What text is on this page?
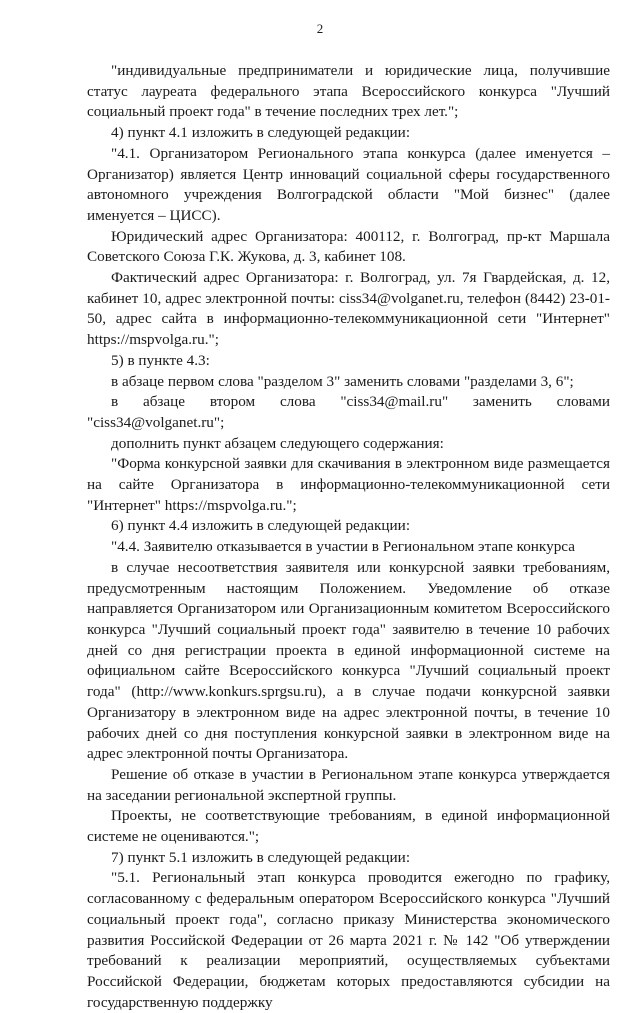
2

"индивидуальные предприниматели и юридические лица, получившие статус лауреата федерального этапа Всероссийского конкурса "Лучший социальный проект года" в течение последних трех лет.";

4) пункт 4.1 изложить в следующей редакции:

"4.1. Организатором Регионального этапа конкурса (далее именуется – Организатор) является Центр инноваций социальной сферы государственного автономного учреждения Волгоградской области "Мой бизнес" (далее именуется – ЦИСС).

Юридический адрес Организатора: 400112, г. Волгоград, пр-кт Маршала Советского Союза Г.К. Жукова, д. 3, кабинет 108.

Фактический адрес Организатора: г. Волгоград, ул. 7я Гвардейская, д. 12, кабинет 10, адрес электронной почты: ciss34@volganet.ru, телефон (8442) 23-01-50, адрес сайта в информационно-телекоммуникационной сети "Интернет" https://mspvolga.ru.";

5) в пункте 4.3:

в абзаце первом слова "разделом 3" заменить словами "разделами 3, 6";

в абзаце втором слова "ciss34@mail.ru" заменить словами "ciss34@volganet.ru";

дополнить пункт абзацем следующего содержания:

"Форма конкурсной заявки для скачивания в электронном виде размещается на сайте Организатора в информационно-телекоммуникационной сети "Интернет" https://mspvolga.ru.";

6) пункт 4.4 изложить в следующей редакции:

"4.4. Заявителю отказывается в участии в Региональном этапе конкурса

в случае несоответствия заявителя или конкурсной заявки требованиям, предусмотренным настоящим Положением. Уведомление об отказе направляется Организатором или Организационным комитетом Всероссийского конкурса "Лучший социальный проект года" заявителю в течение 10 рабочих дней со дня регистрации проекта в единой информационной системе на официальном сайте Всероссийского конкурса "Лучший социальный проект года" (http://www.konkurs.sprgsu.ru), а в случае подачи конкурсной заявки Организатору в электронном виде на адрес электронной почты, в течение 10 рабочих дней со дня поступления конкурсной заявки в электронном виде на адрес электронной почты Организатора.

Решение об отказе в участии в Региональном этапе конкурса утверждается на заседании региональной экспертной группы.

Проекты, не соответствующие требованиям, в единой информационной системе не оцениваются.";

7) пункт 5.1 изложить в следующей редакции:

"5.1. Региональный этап конкурса проводится ежегодно по графику, согласованному с федеральным оператором Всероссийского конкурса "Лучший социальный проект года", согласно приказу Министерства экономического развития Российской Федерации от 26 марта 2021 г. № 142 "Об утверждении требований к реализации мероприятий, осуществляемых субъектами Российской Федерации, бюджетам которых предоставляются субсидии на государственную поддержку
